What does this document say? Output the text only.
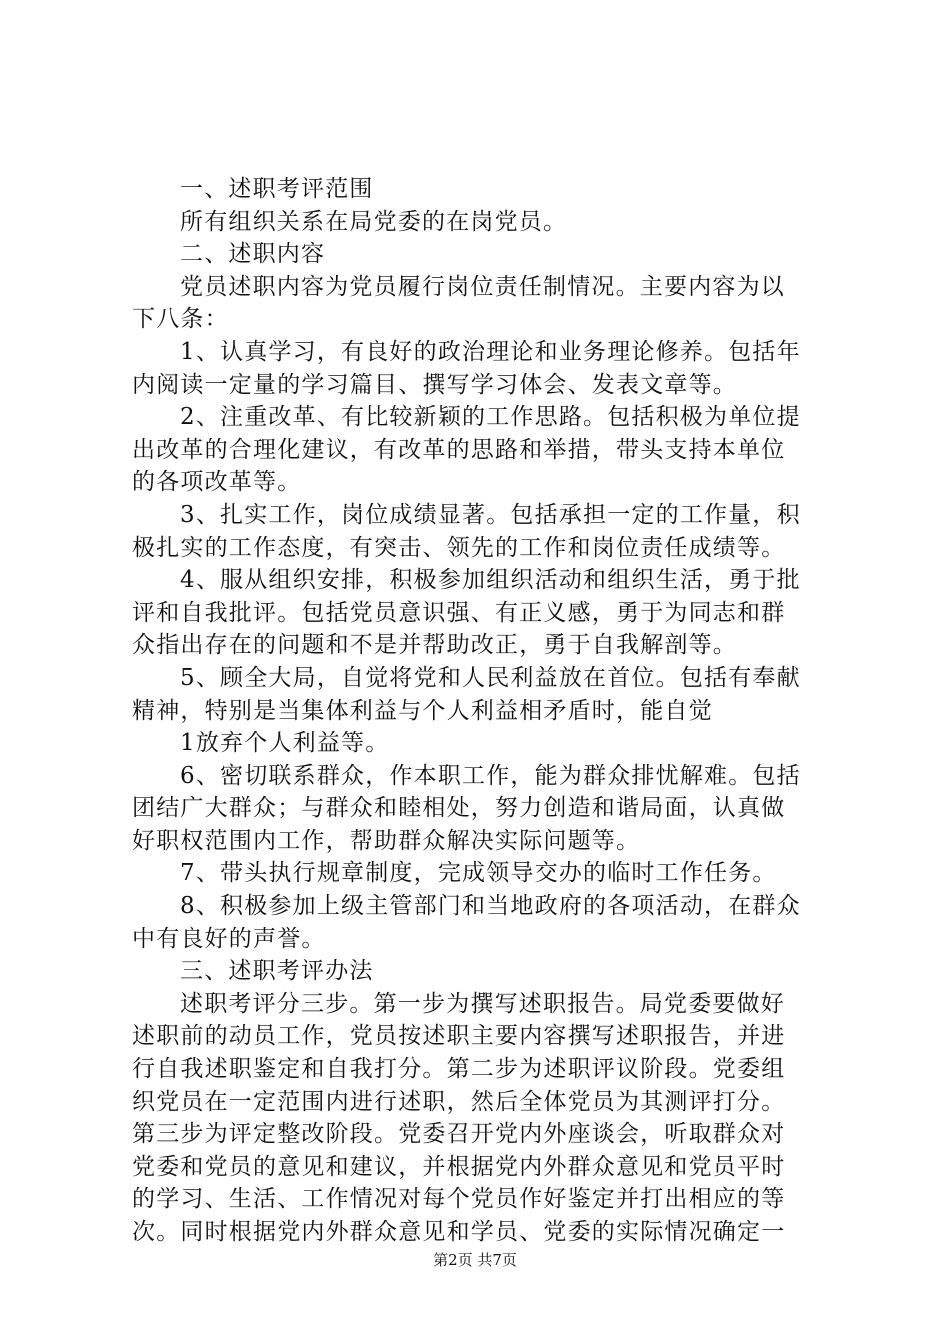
一、述职考评范围
所有组织关系在局党委的在岗党员。
二、述职内容
党员述职内容为党员履行岗位责任制情况。主要内容为以
下八条：
1、认真学习，有良好的政治理论和业务理论修养。包括年
内阅读一定量的学习篇目、撰写学习体会、发表文章等。
2、注重改革、有比较新颖的工作思路。包括积极为单位提
出改革的合理化建议，有改革的思路和举措，带头支持本单位
的各项改革等。
3、扎实工作，岗位成绩显著。包括承担一定的工作量，积
极扎实的工作态度，有突击、领先的工作和岗位责任成绩等。
4、服从组织安排，积极参加组织活动和组织生活，勇于批
评和自我批评。包括党员意识强、有正义感，勇于为同志和群
众指出存在的问题和不是并帮助改正，勇于自我解剖等。
5、顾全大局，自觉将党和人民利益放在首位。包括有奉献
精神，特别是当集体利益与个人利益相矛盾时，能自觉
1放弃个人利益等。
6、密切联系群众，作本职工作，能为群众排忧解难。包括
团结广大群众；与群众和睦相处，努力创造和谐局面，认真做
好职权范围内工作，帮助群众解决实际问题等。
7、带头执行规章制度，完成领导交办的临时工作任务。
8、积极参加上级主管部门和当地政府的各项活动，在群众
中有良好的声誉。
三、述职考评办法
述职考评分三步。第一步为撰写述职报告。局党委要做好
述职前的动员工作，党员按述职主要内容撰写述职报告，并进
行自我述职鉴定和自我打分。第二步为述职评议阶段。党委组
织党员在一定范围内进行述职，然后全体党员为其测评打分。
第三步为评定整改阶段。党委召开党内外座谈会，听取群众对
党委和党员的意见和建议，并根据党内外群众意见和党员平时
的学习、生活、工作情况对每个党员作好鉴定并打出相应的等
次。同时根据党内外群众意见和学员、党委的实际情况确定一
第2页 共7页
